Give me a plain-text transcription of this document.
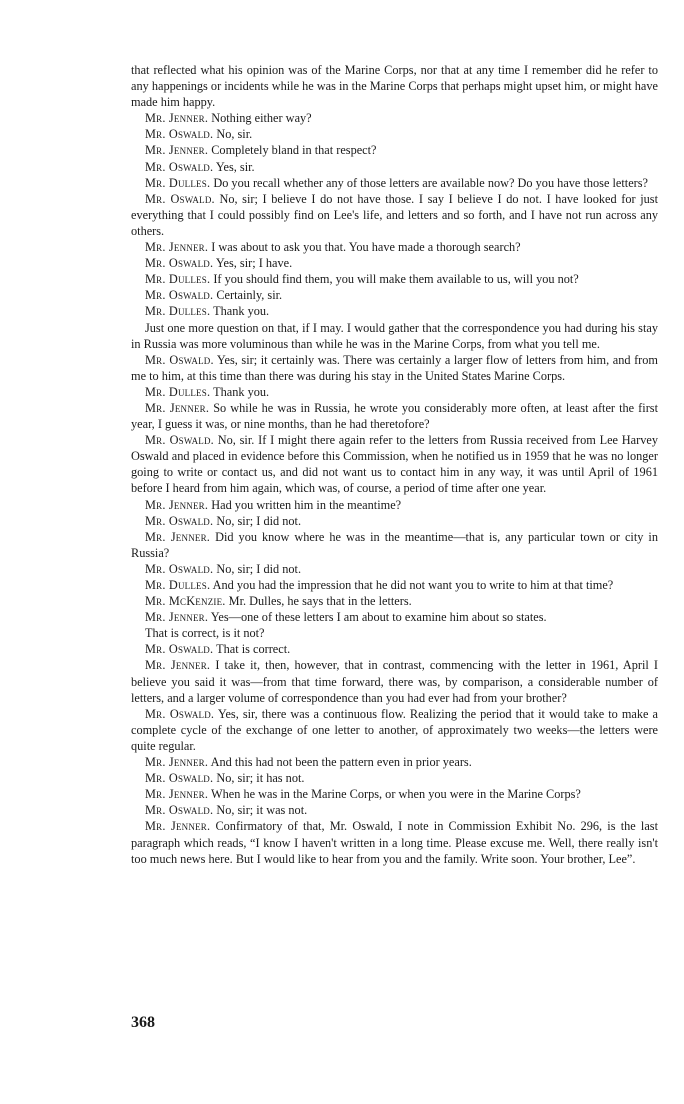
that reflected what his opinion was of the Marine Corps, nor that at any time I remember did he refer to any happenings or incidents while he was in the Marine Corps that perhaps might upset him, or might have made him happy.

Mr. Jenner. Nothing either way?

Mr. Oswald. No, sir.

Mr. Jenner. Completely bland in that respect?

Mr. Oswald. Yes, sir.

Mr. Dulles. Do you recall whether any of those letters are available now? Do you have those letters?

Mr. Oswald. No, sir; I believe I do not have those. I say I believe I do not. I have looked for just everything that I could possibly find on Lee's life, and letters and so forth, and I have not run across any others.

Mr. Jenner. I was about to ask you that. You have made a thorough search?

Mr. Oswald. Yes, sir; I have.

Mr. Dulles. If you should find them, you will make them available to us, will you not?

Mr. Oswald. Certainly, sir.

Mr. Dulles. Thank you.

Just one more question on that, if I may. I would gather that the correspondence you had during his stay in Russia was more voluminous than while he was in the Marine Corps, from what you tell me.

Mr. Oswald. Yes, sir; it certainly was. There was certainly a larger flow of letters from him, and from me to him, at this time than there was during his stay in the United States Marine Corps.

Mr. Dulles. Thank you.

Mr. Jenner. So while he was in Russia, he wrote you considerably more often, at least after the first year, I guess it was, or nine months, than he had theretofore?

Mr. Oswald. No, sir. If I might there again refer to the letters from Russia received from Lee Harvey Oswald and placed in evidence before this Commission, when he notified us in 1959 that he was no longer going to write or contact us, and did not want us to contact him in any way, it was until April of 1961 before I heard from him again, which was, of course, a period of time after one year.

Mr. Jenner. Had you written him in the meantime?

Mr. Oswald. No, sir; I did not.

Mr. Jenner. Did you know where he was in the meantime—that is, any particular town or city in Russia?

Mr. Oswald. No, sir; I did not.

Mr. Dulles. And you had the impression that he did not want you to write to him at that time?

Mr. McKenzie. Mr. Dulles, he says that in the letters.

Mr. Jenner. Yes—one of these letters I am about to examine him about so states.

That is correct, is it not?

Mr. Oswald. That is correct.

Mr. Jenner. I take it, then, however, that in contrast, commencing with the letter in 1961, April I believe you said it was—from that time forward, there was, by comparison, a considerable number of letters, and a larger volume of correspondence than you had ever had from your brother?

Mr. Oswald. Yes, sir, there was a continuous flow. Realizing the period that it would take to make a complete cycle of the exchange of one letter to another, of approximately two weeks—the letters were quite regular.

Mr. Jenner. And this had not been the pattern even in prior years.

Mr. Oswald. No, sir; it has not.

Mr. Jenner. When he was in the Marine Corps, or when you were in the Marine Corps?

Mr. Oswald. No, sir; it was not.

Mr. Jenner. Confirmatory of that, Mr. Oswald, I note in Commission Exhibit No. 296, is the last paragraph which reads, “I know I haven't written in a long time. Please excuse me. Well, there really isn't too much news here. But I would like to hear from you and the family. Write soon. Your brother, Lee”.

368
